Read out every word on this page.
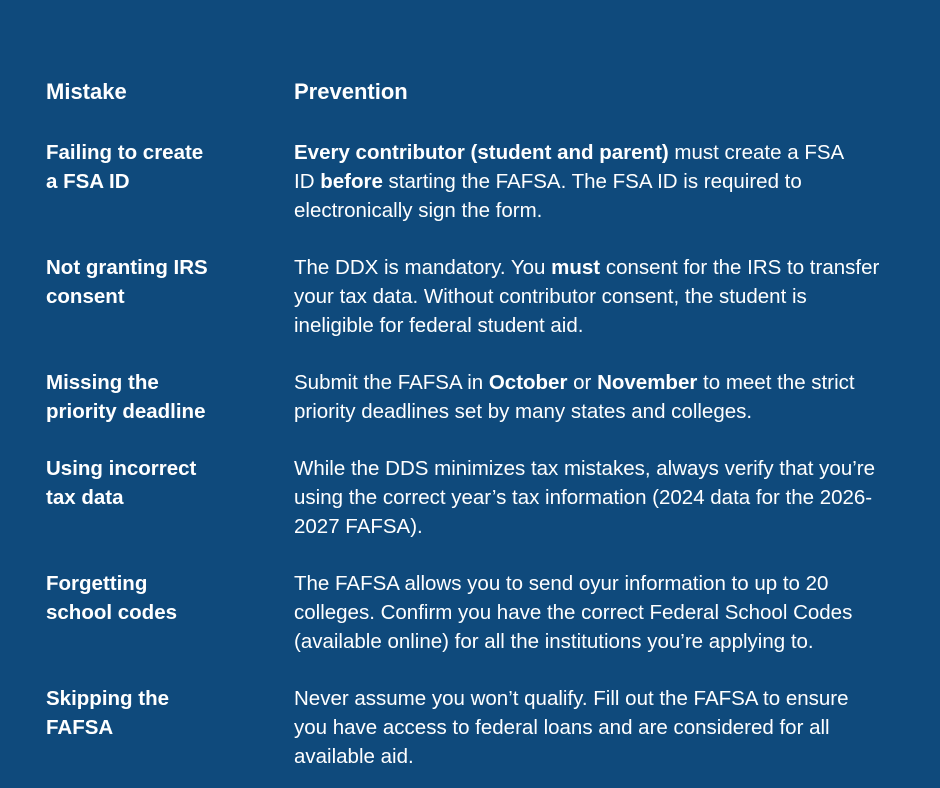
Mistake	Prevention
Failing to create
a FSA ID
Every contributor (student and parent) must create a FSA
ID before starting the FAFSA. The FSA ID is required to
electronically sign the form.
Not granting IRS
consent
The DDX is mandatory. You must consent for the IRS to transfer
your tax data. Without contributor consent, the student is
ineligible for federal student aid.
Missing the
priority deadline
Submit the FAFSA in October or November to meet the strict
priority deadlines set by many states and colleges.
Using incorrect
tax data
While the DDS minimizes tax mistakes, always verify that you’re
using the correct year’s tax information (2024 data for the 2026-
2027 FAFSA).
Forgetting
school codes
The FAFSA allows you to send oyur information to up to 20
colleges. Confirm you have the correct Federal School Codes
(available online) for all the institutions you’re applying to.
Skipping the
FAFSA
Never assume you won’t qualify. Fill out the FAFSA to ensure
you have access to federal loans and are considered for all
available aid.
